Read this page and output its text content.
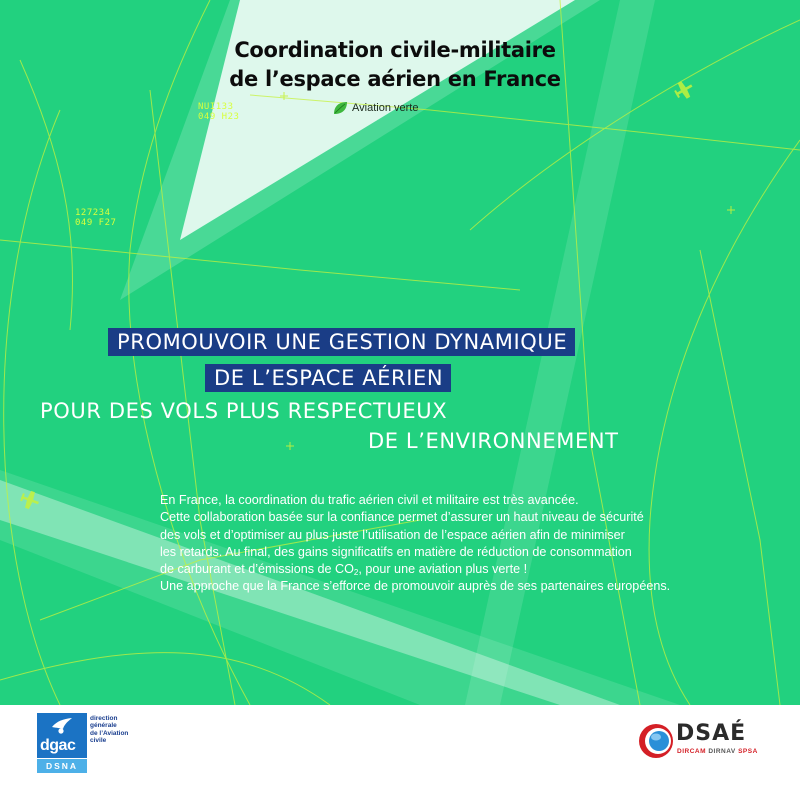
NUI133
049 H23
127234
049 F27
Coordination civile-militaire
de l’espace aérien en France
Aviation verte
PROMOUVOIR UNE GESTION DYNAMIQUE
DE L’ESPACE AÉRIEN
POUR DES VOLS PLUS RESPECTUEUX
DE L’ENVIRONNEMENT
En France, la coordination du trafic aérien civil et militaire est très avancée.
Cette collaboration basée sur la confiance permet d’assurer un haut niveau de sécurité
des vols et d’optimiser au plus juste l’utilisation de l’espace aérien afin de minimiser
les retards. Au final, des gains significatifs en matière de réduction de consommation
de carburant et d’émissions de $CO_2$, pour une aviation plus verte !
Une approche que la France s’efforce de promouvoir auprès de ses partenaires européens.
dgac
DSNA
direction
générale
de l’Aviation
civile	DSAÉ
DIRCAM DIRNAV SPSA
